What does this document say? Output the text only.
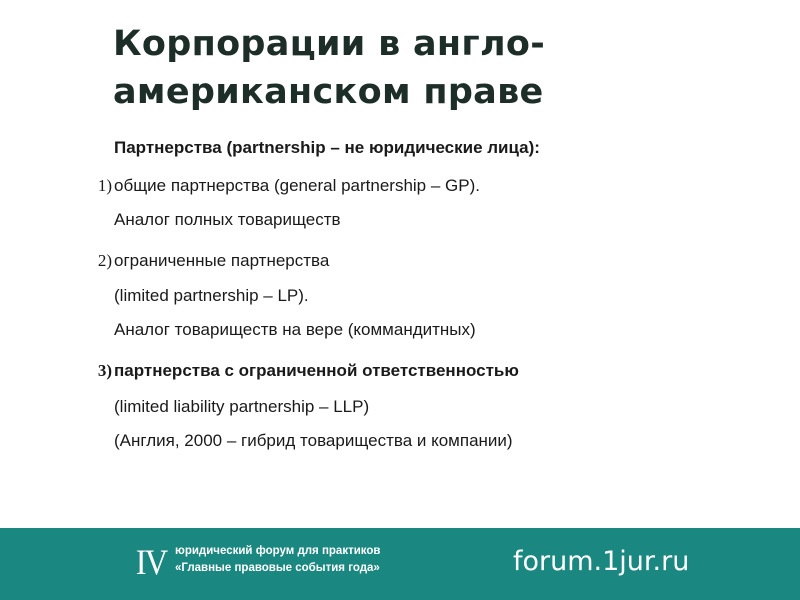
Корпорации в англо-
американском праве
Партнерства (partnership – не юридические лица):
1) общие партнерства (general partnership – GP).
Аналог полных товариществ
2) ограниченные партнерства
(limited partnership – LP).
Аналог товариществ на вере (коммандитных)
3) партнерства с ограниченной ответственностью
(limited liability partnership – LLP)
(Англия, 2000 – гибрид товарищества и компании)
IV юридический форум для практиков
«Главные правовые события года»	forum.1jur.ru
